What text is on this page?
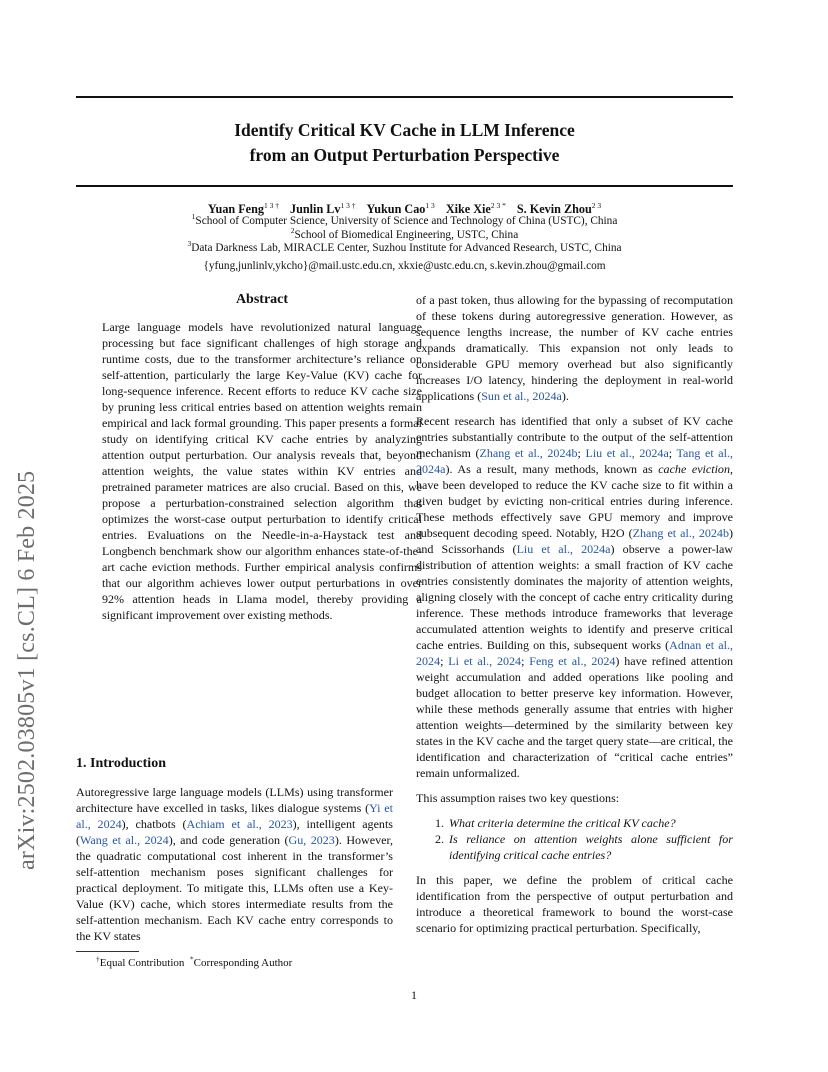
Identify Critical KV Cache in LLM Inference
from an Output Perturbation Perspective
Yuan Feng$^{1 3 \dagger}$ Junlin $Lv^{1 3 \dagger}$ Yukun Cao$^{1 3}$ Xike Xie$^{2 3 *}$ S. Kevin Zhou$^{2 3}$
$^1$School of Computer Science, University of Science and Technology of China (USTC), China
$^2$School of Biomedical Engineering, USTC, China
$^3$Data Darkness Lab, MIRACLE Center, Suzhou Institute for Advanced Research, USTC, China
{yfung,junlinlv,ykcho}@mail.ustc.edu.cn, xkxie@ustc.edu.cn, s.kevin.zhou@gmail.com
arXiv:2502.03805v1 [cs.CL] 6 Feb 2025
Abstract
Large language models have revolutionized natural language processing but face significant challenges of high storage and runtime costs, due to the transformer architecture’s reliance on self-attention, particularly the large Key-Value (KV) cache for long-sequence inference. Recent efforts to reduce KV cache size by pruning less critical entries based on attention weights remain empirical and lack formal grounding. This paper presents a formal study on identifying critical KV cache entries by analyzing attention output perturbation. Our analysis reveals that, beyond attention weights, the value states within KV entries and pretrained parameter matrices are also crucial. Based on this, we propose a perturbation-constrained selection algorithm that optimizes the worst-case output perturbation to identify critical entries. Evaluations on the Needle-in-a-Haystack test and Longbench benchmark show our algorithm enhances state-of-the-art cache eviction methods. Further empirical analysis confirms that our algorithm achieves lower output perturbations in over 92% attention heads in Llama model, thereby providing a significant improvement over existing methods.
1. Introduction
Autoregressive large language models (LLMs) using transformer architecture have excelled in tasks, likes dialogue systems (Yi et al., 2024), chatbots (Achiam et al., 2023), intelligent agents (Wang et al., 2024), and code generation (Gu, 2023). However, the quadratic computational cost inherent in the transformer’s self-attention mechanism poses significant challenges for practical deployment. To mitigate this, LLMs often use a Key-Value (KV) cache, which stores intermediate results from the self-attention mechanism. Each KV cache entry corresponds to the KV states

of a past token, thus allowing for the bypassing of recomputation of these tokens during autoregressive generation. However, as sequence lengths increase, the number of KV cache entries expands dramatically. This expansion not only leads to considerable GPU memory overhead but also significantly increases I/O latency, hindering the deployment in real-world applications (Sun et al., 2024a).

Recent research has identified that only a subset of KV cache entries substantially contribute to the output of the self-attention mechanism (Zhang et al., 2024b; Liu et al., 2024a; Tang et al., 2024a). As a result, many methods, known as cache eviction, have been developed to reduce the KV cache size to fit within a given budget by evicting non-critical entries during inference. These methods effectively save GPU memory and improve subsequent decoding speed. Notably, H2O (Zhang et al., 2024b) and Scissorhands (Liu et al., 2024a) observe a power-law distribution of attention weights: a small fraction of KV cache entries consistently dominates the majority of attention weights, aligning closely with the concept of cache entry criticality during inference. These methods introduce frameworks that leverage accumulated attention weights to identify and preserve critical cache entries. Building on this, subsequent works (Adnan et al., 2024; Li et al., 2024; Feng et al., 2024) have refined attention weight accumulation and added operations like pooling and budget allocation to better preserve key information. However, while these methods generally assume that entries with higher attention weights—determined by the similarity between key states in the KV cache and the target query state—are critical, the identification and characterization of “critical cache entries” remain unformalized.

This assumption raises two key questions:

1. What criteria determine the critical KV cache?
2. Is reliance on attention weights alone sufficient for identifying critical cache entries?

In this paper, we define the problem of critical cache identification from the perspective of output perturbation and introduce a theoretical framework to bound the worst-case scenario for optimizing practical perturbation. Specifically,

†Equal Contribution *Corresponding Author
1
